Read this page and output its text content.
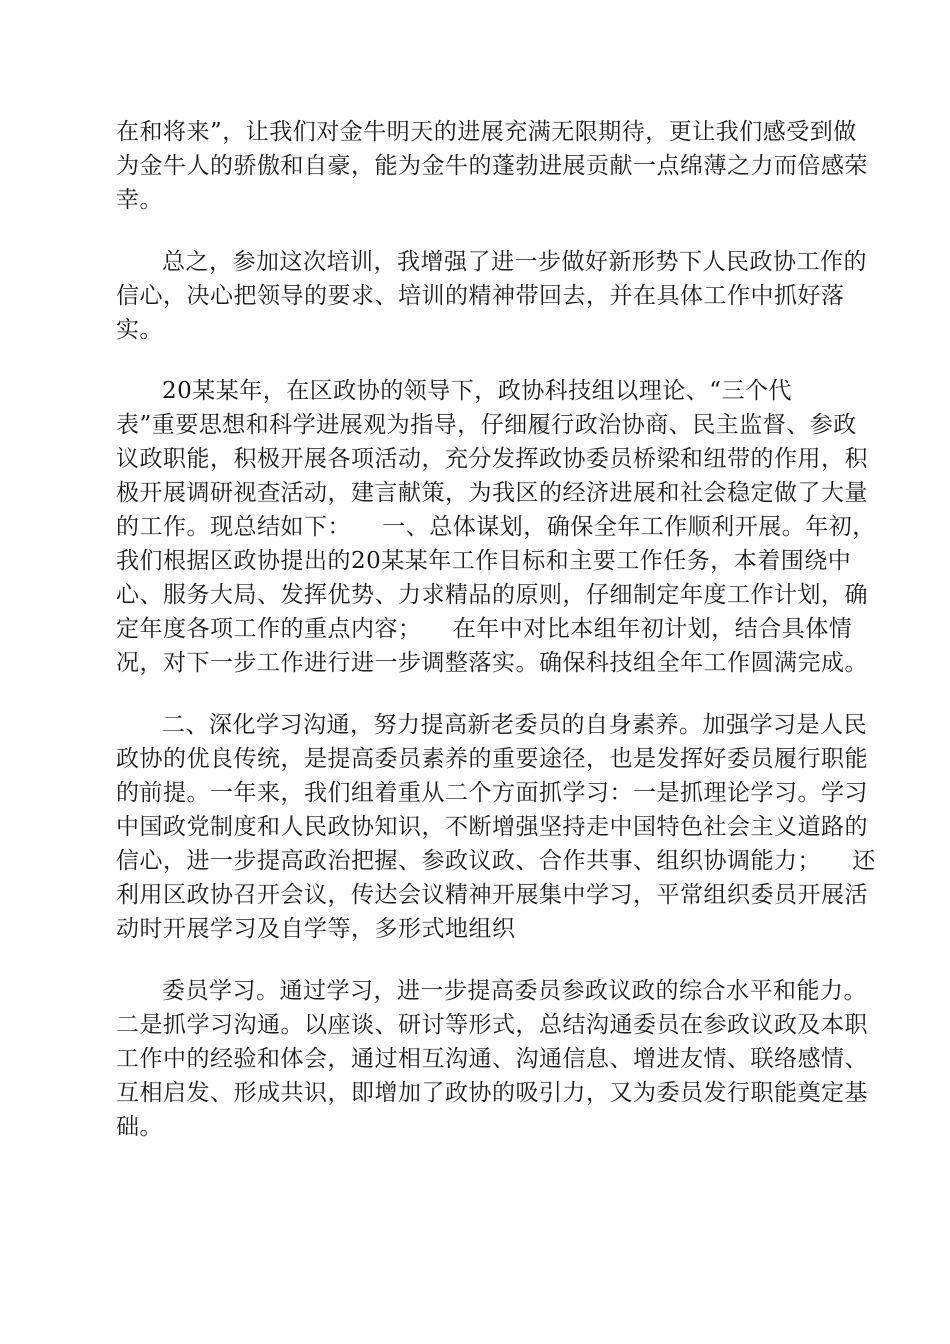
在和将来”，让我们对金牛明天的进展充满无限期待，更让我们感受到做
为金牛人的骄傲和自豪，能为金牛的蓬勃进展贡献一点绵薄之力而倍感荣
幸。
总之，参加这次培训，我增强了进一步做好新形势下人民政协工作的
信心，决心把领导的要求、培训的精神带回去，并在具体工作中抓好落
实。
20某某年，在区政协的领导下，政协科技组以理论、“三个代
表”重要思想和科学进展观为指导，仔细履行政治协商、民主监督、参政
议政职能，积极开展各项活动，充分发挥政协委员桥梁和纽带的作用，积
极开展调研视查活动，建言献策，为我区的经济进展和社会稳定做了大量
的工作。现总结如下：    一、总体谋划，确保全年工作顺利开展。年初，
我们根据区政协提出的20某某年工作目标和主要工作任务，本着围绕中
心、服务大局、发挥优势、力求精品的原则，仔细制定年度工作计划，确
定年度各项工作的重点内容；    在年中对比本组年初计划，结合具体情
况，对下一步工作进行进一步调整落实。确保科技组全年工作圆满完成。
二、深化学习沟通，努力提高新老委员的自身素养。加强学习是人民
政协的优良传统，是提高委员素养的重要途径，也是发挥好委员履行职能
的前提。一年来，我们组着重从二个方面抓学习：一是抓理论学习。学习
中国政党制度和人民政协知识，不断增强坚持走中国特色社会主义道路的
信心，进一步提高政治把握、参政议政、合作共事、组织协调能力；    还
利用区政协召开会议，传达会议精神开展集中学习，平常组织委员开展活
动时开展学习及自学等，多形式地组织
委员学习。通过学习，进一步提高委员参政议政的综合水平和能力。
二是抓学习沟通。以座谈、研讨等形式，总结沟通委员在参政议政及本职
工作中的经验和体会，通过相互沟通、沟通信息、增进友情、联络感情、
互相启发、形成共识，即增加了政协的吸引力，又为委员发行职能奠定基
础。
